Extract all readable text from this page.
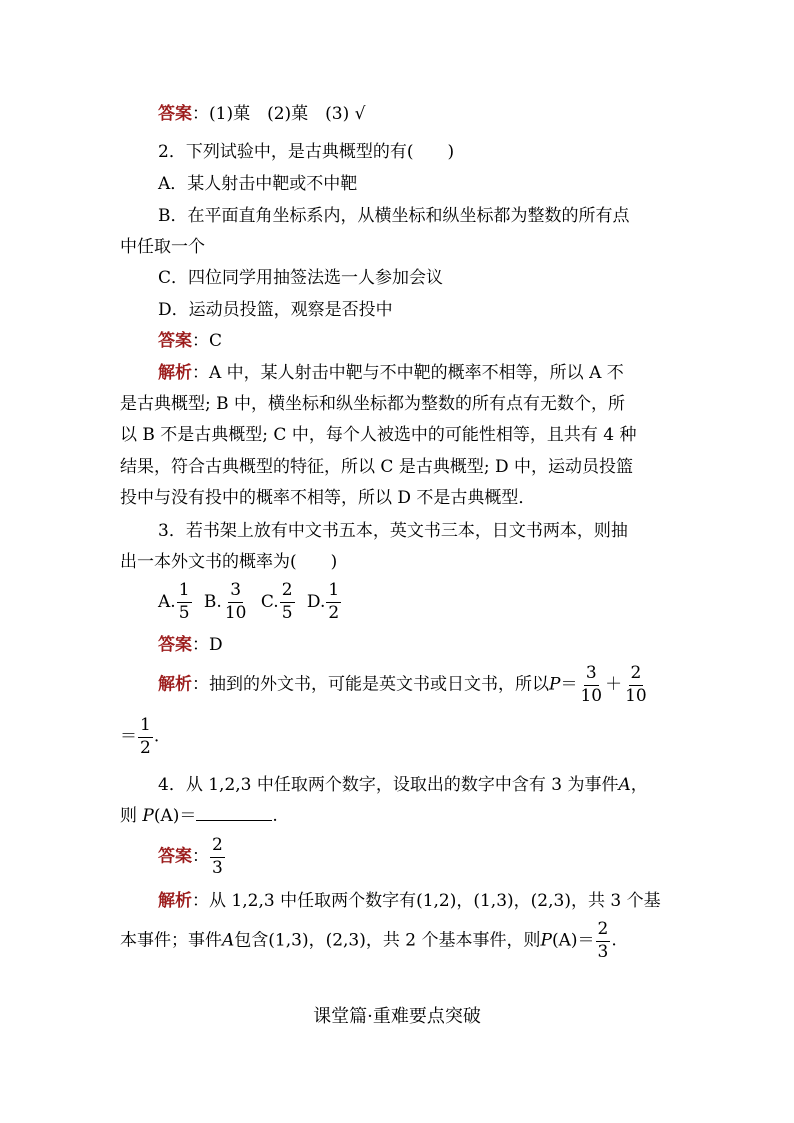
答案：(1)菓　(2)菓　(3) √
2．下列试验中，是古典概型的有(　　)
A．某人射击中靶或不中靶
B．在平面直角坐标系内，从横坐标和纵坐标都为整数的所有点
中任取一个
C．四位同学用抽签法选一人参加会议
D．运动员投篮，观察是否投中
答案：C
解析：A 中，某人射击中靶与不中靶的概率不相等，所以 A 不
是古典概型; B 中，横坐标和纵坐标都为整数的所有点有无数个，所
以 B 不是古典概型; C 中，每个人被选中的可能性相等，且共有 4 种
结果，符合古典概型的特征，所以 C 是古典概型; D 中，运动员投篮
投中与没有投中的概率不相等，所以 D 不是古典概型．
3．若书架上放有中文书五本，英文书三本，日文书两本，则抽
出一本外文书的概率为(　　)
A. $\frac{1}{5} B$. $\frac{3}{10} C$. $\frac{2}{5} D$. $\frac{1}{2}$
答案：D
解析：抽到的外文书，可能是英文书或日文书，所以$P= \frac{3}{10} + \frac{2}{10}$
＝ $\frac{1}{2}$ .
4．从 1,2,3 中任取两个数字，设取出的数字中含有 3 为事件A，
则 P(A)＝	.
答案： $\frac{2}{3}$
解析：从 1,2,3 中任取两个数字有(1,2)，(1,3)，(2,3)，共 3 个基
本事件；事件A包含(1,3)，(2,3)，共 2 个基本事件，则$P(A)= \frac{2}{3}$ .
课堂篇·重难要点突破
